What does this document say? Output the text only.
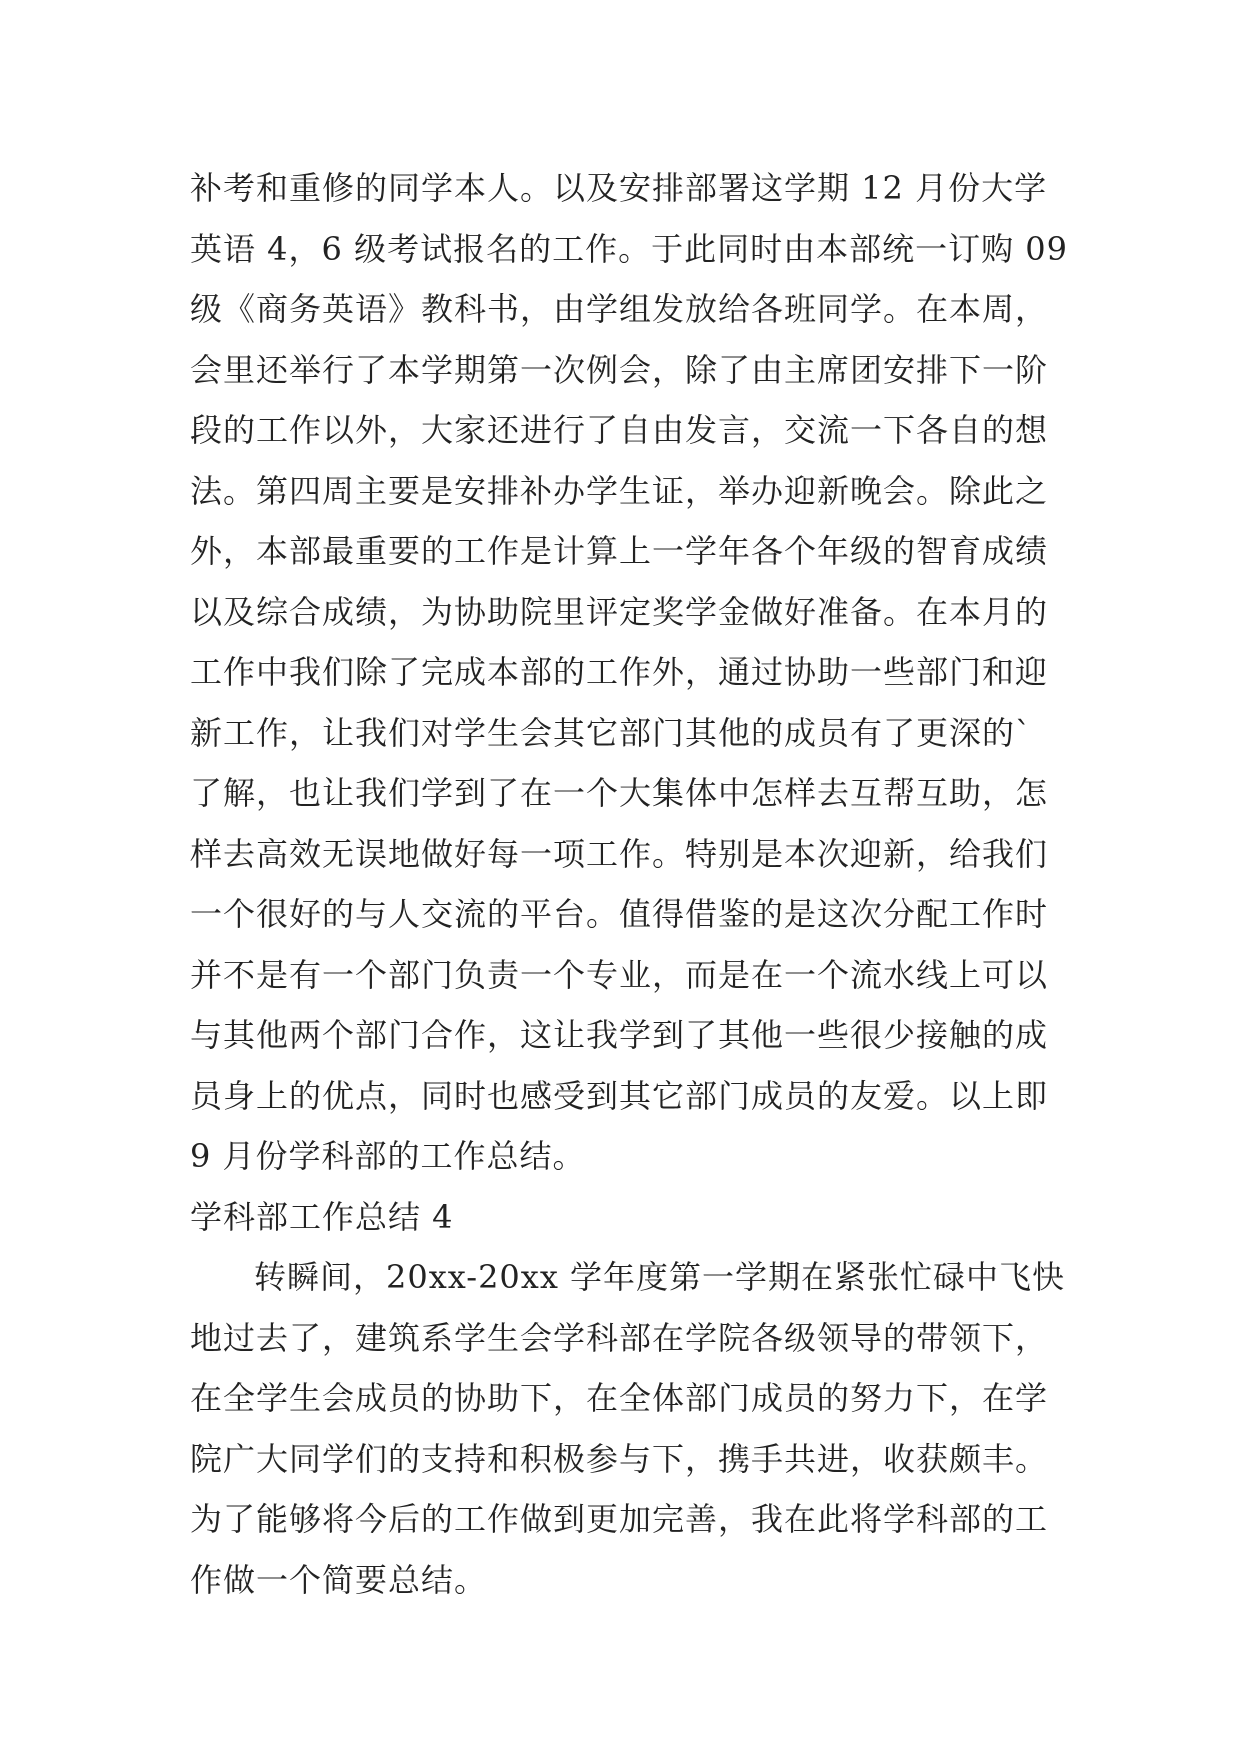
补考和重修的同学本人。以及安排部署这学期 12 月份大学
英语 4，6 级考试报名的工作。于此同时由本部统一订购 09
级《商务英语》教科书，由学组发放给各班同学。在本周，
会里还举行了本学期第一次例会，除了由主席团安排下一阶
段的工作以外，大家还进行了自由发言，交流一下各自的想
法。第四周主要是安排补办学生证，举办迎新晚会。除此之
外，本部最重要的工作是计算上一学年各个年级的智育成绩
以及综合成绩，为协助院里评定奖学金做好准备。在本月的
工作中我们除了完成本部的工作外，通过协助一些部门和迎
新工作，让我们对学生会其它部门其他的成员有了更深的`
了解，也让我们学到了在一个大集体中怎样去互帮互助，怎
样去高效无误地做好每一项工作。特别是本次迎新，给我们
一个很好的与人交流的平台。值得借鉴的是这次分配工作时
并不是有一个部门负责一个专业，而是在一个流水线上可以
与其他两个部门合作，这让我学到了其他一些很少接触的成
员身上的优点，同时也感受到其它部门成员的友爱。以上即
9 月份学科部的工作总结。
学科部工作总结 4
转瞬间，20xx-20xx 学年度第一学期在紧张忙碌中飞快
地过去了，建筑系学生会学科部在学院各级领导的带领下，
在全学生会成员的协助下，在全体部门成员的努力下，在学
院广大同学们的支持和积极参与下，携手共进，收获颇丰。
为了能够将今后的工作做到更加完善，我在此将学科部的工
作做一个简要总结。
